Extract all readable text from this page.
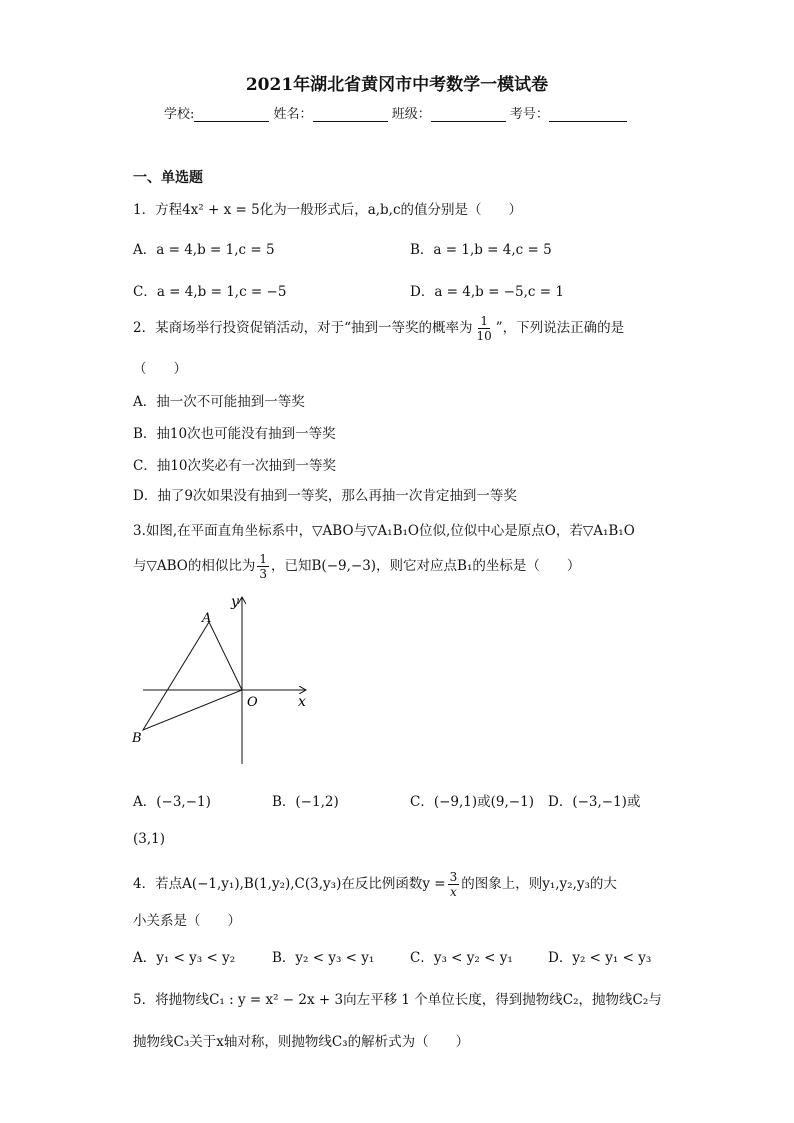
2021年湖北省黄冈市中考数学一模试卷
学校:	姓名：	班级：	考号：
一、单选题
1．方程4x² + x = 5化为一般形式后，a,b,c的值分别是（　　）
A．a = 4,b = 1,c = 5	B．a = 1,b = 4,c = 5
C．a = 4,b = 1,c = −5	D．a = 4,b = −5,c = 1
2．某商场举行投资促销活动，对于“抽到一等奖的概率为 $\frac{1}{10}$ ”，下列说法正确的是
（　　）
A．抽一次不可能抽到一等奖
B．抽10次也可能没有抽到一等奖
C．抽10次奖必有一次抽到一等奖
D．抽了9次如果没有抽到一等奖，那么再抽一次肯定抽到一等奖
3.如图,在平面直角坐标系中，▽ABO与▽A₁B₁O位似,位似中心是原点O，若▽A₁B₁O
与▽ABO的相似比为 $\frac{1}{3}$ ，已知B(−9,−3)，则它对应点B₁的坐标是（　　）
y
x
O
A
B
A．(−3,−1)	B．(−1,2)	C．(−9,1)或(9,−1) D．(−3,−1)或
(3,1)
4．若点A(−1,y₁),B(1,y₂),C(3,y₃)在反比例函数$y = \frac{3}{x}$ 的图象上，则y₁,y₂,y₃的大
小关系是（　　）
A．y₁ < y₃ < y₂	B．y₂ < y₃ < y₁	C．y₃ < y₂ < y₁	D．y₂ < y₁ < y₃
5．将抛物线C₁ : y = x² − 2x + 3向左平移 1 个单位长度，得到抛物线C₂，抛物线C₂与
抛物线C₃关于x轴对称，则抛物线C₃的解析式为（　　）
